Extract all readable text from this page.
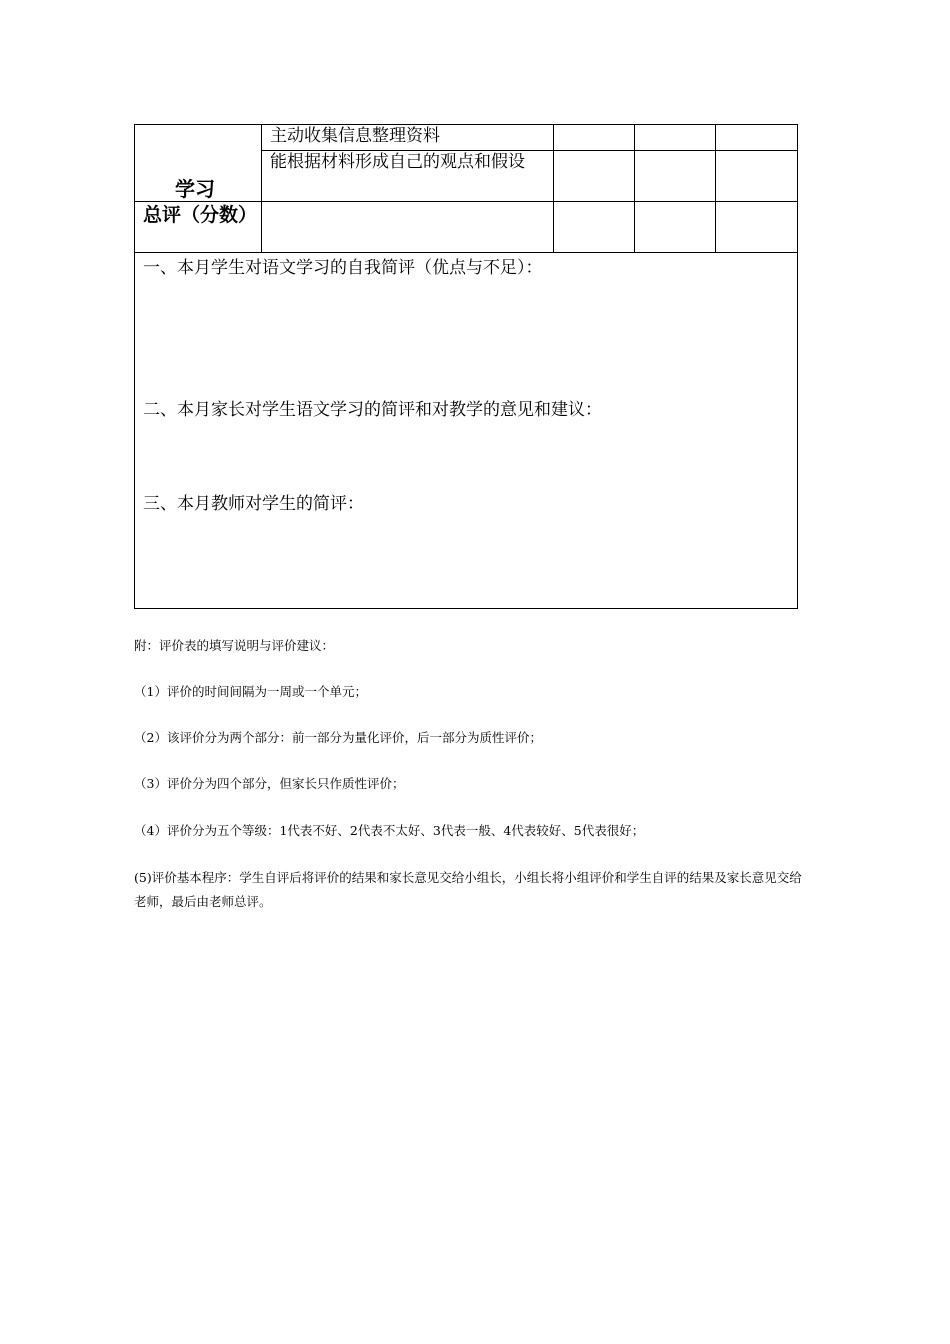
学习	主动收集信息整理资料			

	能根据材料形成自己的观点和假设			

总评（分数）				

一、本月学生对语文学习的自我简评（优点与不足）：
二、本月家长对学生语文学习的简评和对教学的意见和建议：
三、本月教师对学生的简评：				
附：评价表的填写说明与评价建议：
（1）评价的时间间隔为一周或一个单元；
（2）该评价分为两个部分：前一部分为量化评价，后一部分为质性评价；
（3）评价分为四个部分，但家长只作质性评价；
（4）评价分为五个等级：1代表不好、2代表不太好、3代表一般、4代表较好、5代表很好；
(5)评价基本程序：学生自评后将评价的结果和家长意见交给小组长，小组长将小组评价和学生自评的结果及家长意见交给老师，最后由老师总评。
